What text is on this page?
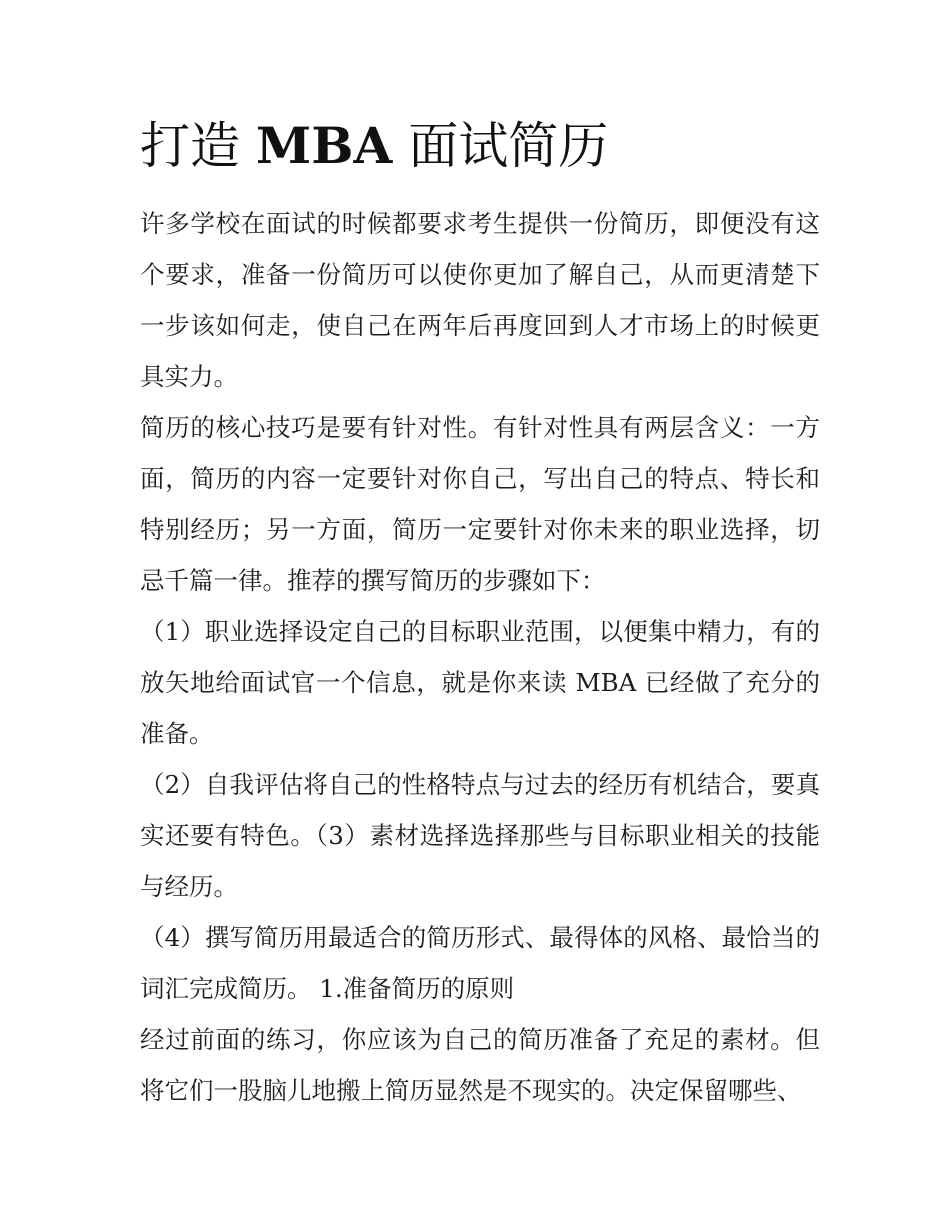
打造 MBA 面试简历

许多学校在面试的时候都要求考生提供一份简历，即便没有这个要求，准备一份简历可以使你更加了解自己，从而更清楚下一步该如何走，使自己在两年后再度回到人才市场上的时候更具实力。

简历的核心技巧是要有针对性。有针对性具有两层含义：一方面，简历的内容一定要针对你自己，写出自己的特点、特长和特别经历；另一方面，简历一定要针对你未来的职业选择，切忌千篇一律。推荐的撰写简历的步骤如下：

（1）职业选择设定自己的目标职业范围，以便集中精力，有的放矢地给面试官一个信息，就是你来读 MBA 已经做了充分的准备。

（2）自我评估将自己的性格特点与过去的经历有机结合，要真实还要有特色。（3）素材选择选择那些与目标职业相关的技能与经历。

（4）撰写简历用最适合的简历形式、最得体的风格、最恰当的词汇完成简历。 1.准备简历的原则

经过前面的练习，你应该为自己的简历准备了充足的素材。但将它们一股脑儿地搬上简历显然是不现实的。决定保留哪些、
